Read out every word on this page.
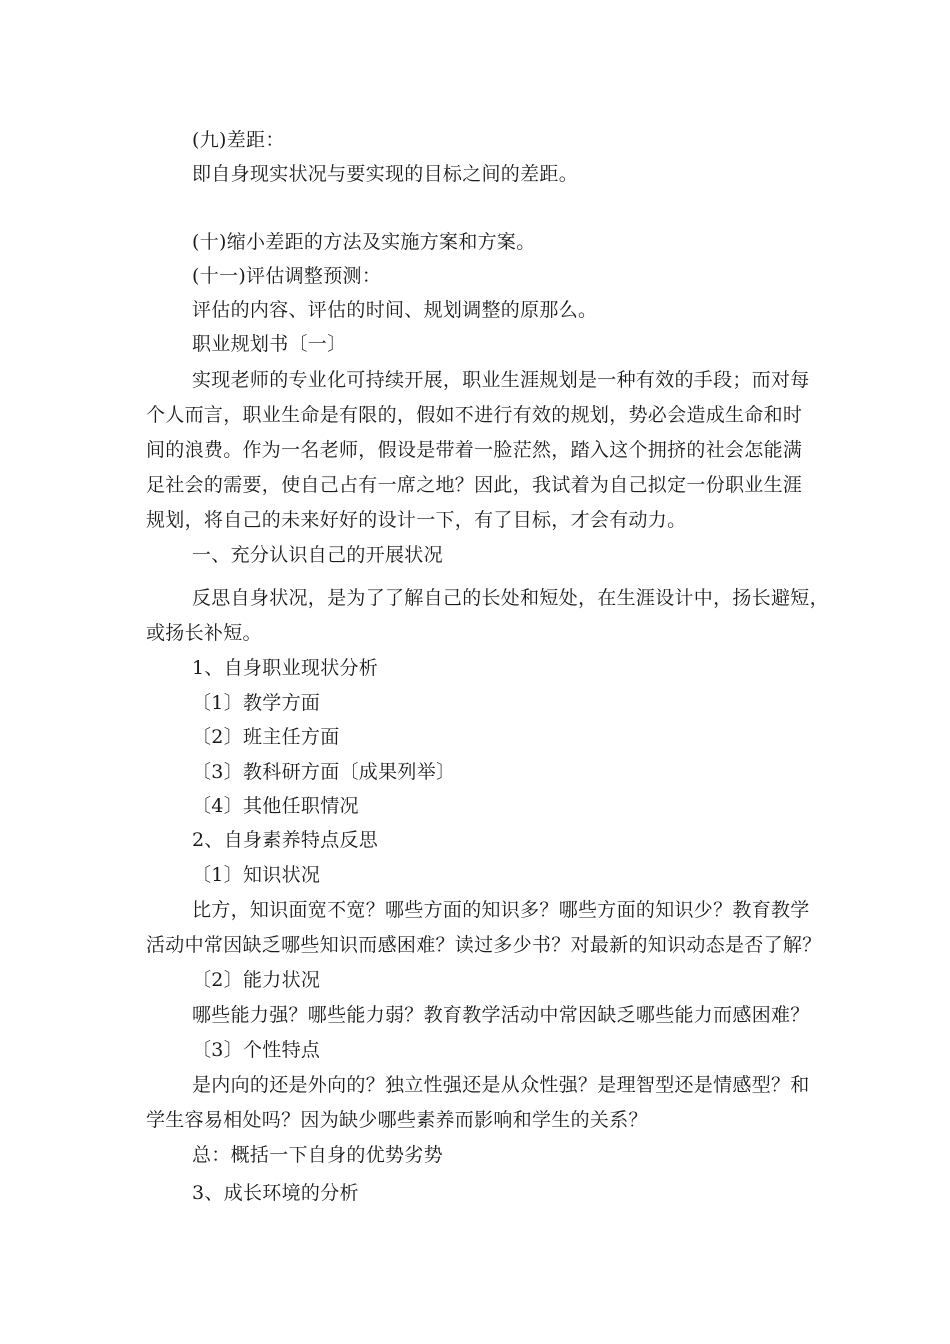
(九)差距：
即自身现实状况与要实现的目标之间的差距。
(十)缩小差距的方法及实施方案和方案。
(十一)评估调整预测：
评估的内容、评估的时间、规划调整的原那么。
职业规划书〔一〕
实现老师的专业化可持续开展，职业生涯规划是一种有效的手段；而对每
个人而言，职业生命是有限的，假如不进行有效的规划，势必会造成生命和时
间的浪费。作为一名老师，假设是带着一脸茫然，踏入这个拥挤的社会怎能满
足社会的需要，使自己占有一席之地？因此，我试着为自己拟定一份职业生涯
规划，将自己的未来好好的设计一下，有了目标，才会有动力。
一、充分认识自己的开展状况
反思自身状况，是为了了解自己的长处和短处，在生涯设计中，扬长避短，
或扬长补短。
1、自身职业现状分析
〔1〕教学方面
〔2〕班主任方面
〔3〕教科研方面〔成果列举〕
〔4〕其他任职情况
2、自身素养特点反思
〔1〕知识状况
比方，知识面宽不宽？哪些方面的知识多？哪些方面的知识少？教育教学
活动中常因缺乏哪些知识而感困难？读过多少书？对最新的知识动态是否了解？
〔2〕能力状况
哪些能力强？哪些能力弱？教育教学活动中常因缺乏哪些能力而感困难？
〔3〕个性特点
是内向的还是外向的？独立性强还是从众性强？是理智型还是情感型？和
学生容易相处吗？因为缺少哪些素养而影响和学生的关系？
总：概括一下自身的优势劣势
3、成长环境的分析
